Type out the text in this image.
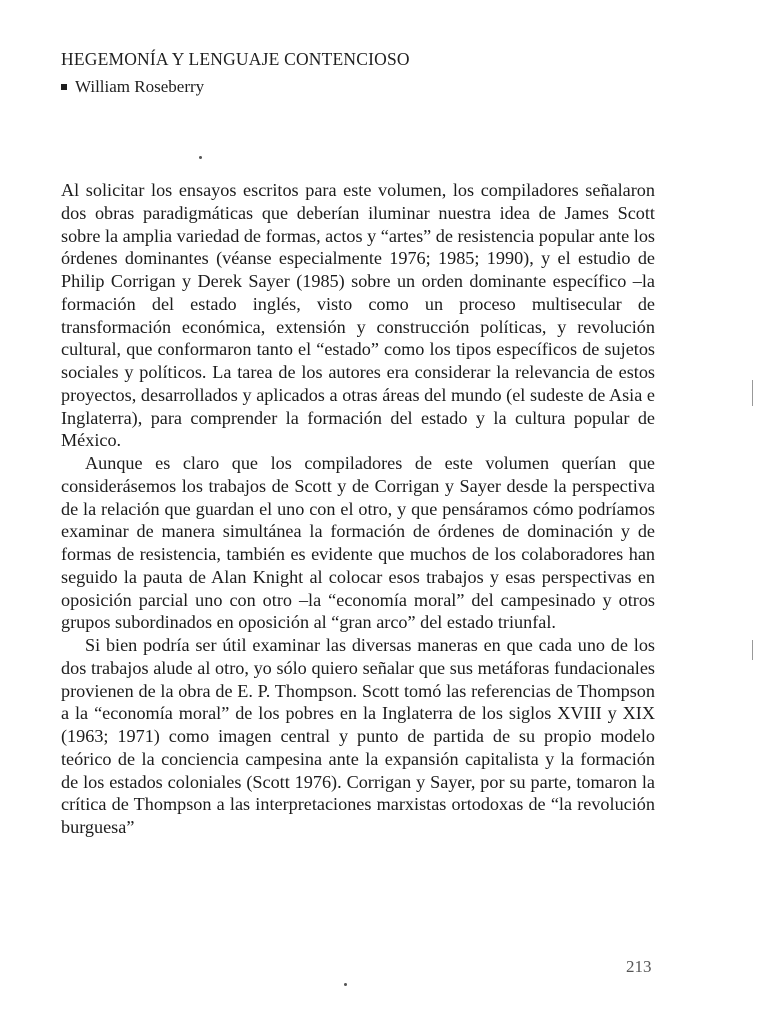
HEGEMONÍA Y LENGUAJE CONTENCIOSO
William Roseberry

Al solicitar los ensayos escritos para este volumen, los compiladores señalaron dos obras paradigmáticas que deberían iluminar nuestra idea de James Scott sobre la amplia variedad de formas, actos y “artes” de resistencia popular ante los órdenes dominantes (véanse especialmente 1976; 1985; 1990), y el estudio de Philip Corrigan y Derek Sayer (1985) sobre un orden dominante específico –la formación del estado inglés, visto como un proceso multisecular de transformación económica, extensión y construcción políticas, y revolución cultural, que conformaron tanto el “estado” como los tipos específicos de sujetos sociales y políticos. La tarea de los autores era considerar la relevancia de estos proyectos, desarrollados y aplicados a otras áreas del mundo (el sudeste de Asia e Inglaterra), para comprender la formación del estado y la cultura popular de México.

Aunque es claro que los compiladores de este volumen querían que considerásemos los trabajos de Scott y de Corrigan y Sayer desde la perspectiva de la relación que guardan el uno con el otro, y que pensáramos cómo podríamos examinar de manera simultánea la formación de órdenes de dominación y de formas de resistencia, también es evidente que muchos de los colaboradores han seguido la pauta de Alan Knight al colocar esos trabajos y esas perspectivas en oposición parcial uno con otro –la “economía moral” del campesinado y otros grupos subordinados en oposición al “gran arco” del estado triunfal.

Si bien podría ser útil examinar las diversas maneras en que cada uno de los dos trabajos alude al otro, yo sólo quiero señalar que sus metáforas fundacionales provienen de la obra de E. P. Thompson. Scott tomó las referencias de Thompson a la “economía moral” de los pobres en la Inglaterra de los siglos XVIII y XIX (1963; 1971) como imagen central y punto de partida de su propio modelo teórico de la conciencia campesina ante la expansión capitalista y la formación de los estados coloniales (Scott 1976). Corrigan y Sayer, por su parte, tomaron la crítica de Thompson a las interpretaciones marxistas ortodoxas de “la revolución burguesa”

213
